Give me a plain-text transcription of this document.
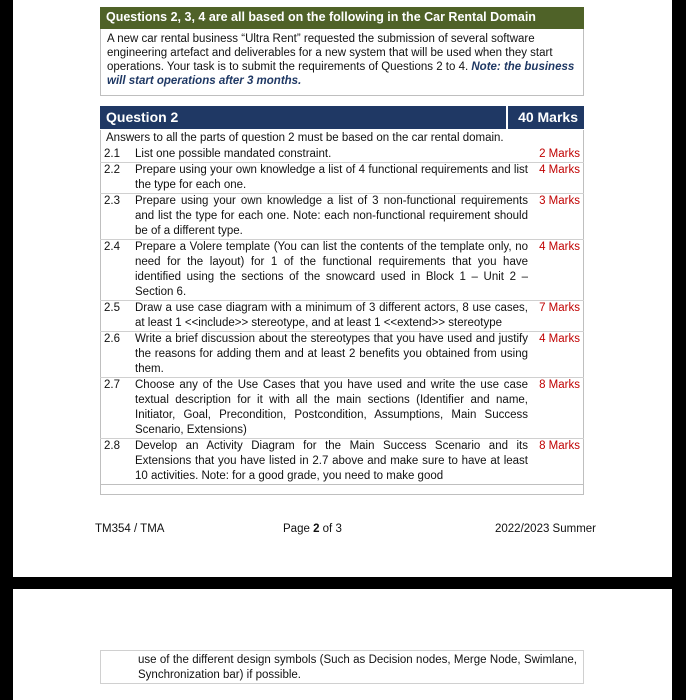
Questions 2, 3, 4 are all based on the following in the Car Rental Domain
A new car rental business “Ultra Rent” requested the submission of several software engineering artefact and deliverables for a new system that will be used when they start operations. Your task is to submit the requirements of Questions 2 to 4. Note: the business will start operations after 3 months.
Question 2	40 Marks
Answers to all the parts of question 2 must be based on the car rental domain.
2.1	List one possible mandated constraint.	2 Marks
2.2	Prepare using your own knowledge a list of 4 functional requirements and list the type for each one.	4 Marks
2.3	Prepare using your own knowledge a list of 3 non-functional requirements and list the type for each one. Note: each non-functional requirement should be of a different type.	3 Marks
2.4	Prepare a Volere template (You can list the contents of the template only, no need for the layout) for 1 of the functional requirements that you have identified using the sections of the snowcard used in Block 1 – Unit 2 – Section 6.	4 Marks
2.5	Draw a use case diagram with a minimum of 3 different actors, 8 use cases, at least 1 <<include>> stereotype, and at least 1 <<extend>> stereotype	7 Marks
2.6	Write a brief discussion about the stereotypes that you have used and justify the reasons for adding them and at least 2 benefits you obtained from using them.	4 Marks
2.7	Choose any of the Use Cases that you have used and write the use case textual description for it with all the main sections (Identifier and name, Initiator, Goal, Precondition, Postcondition, Assumptions, Main Success Scenario, Extensions)	8 Marks
2.8	Develop an Activity Diagram for the Main Success Scenario and its Extensions that you have listed in 2.7 above and make sure to have at least 10 activities. Note: for a good grade, you need to make good	8 Marks
TM354 / TMA	Page 2 of 3	2022/2023 Summer
use of the different design symbols (Such as Decision nodes, Merge Node, Swimlane, Synchronization bar) if possible.
